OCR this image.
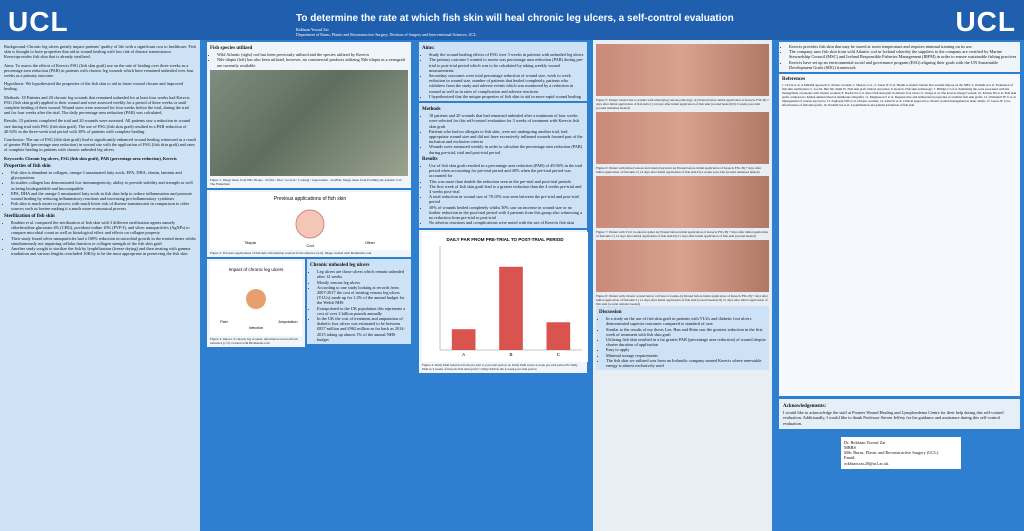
UCL	To determine the rate at which fish skin will heal chronic leg ulcers, a self-control evaluation
Rokhsan Yoosuf Zai
Department of Burns, Plastic and Reconstructive Surgery, Division of Surgery and Interventional Sciences, UCL	UCL

Background: Chronic leg ulcers greatly impact patients' quality of life with a significant cost to healthcare. Fish skin is thought to have properties that aid in wound healing with low risk of disease transmission. Kerecisprovides fish skin that is already sterilized.

Aims: To assess the effects of Kerecis FSG (fish skin graft) use on the rate of healing over three weeks as a percentage area reduction (PAR) in patients with chronic leg wounds which have remained unhealed over four weeks as a primary outcome.

Hypothesis: We hypothesized the properties of the fish skin to aid in faster wound closure and improved healing.

Methods: 18 Patients and 20 chronic leg wounds that remained unhealed for at least four weeks had Kerecis FSG (fish skin graft) applied to their wound and were assessed weekly for a period of three weeks or until complete healing of their wound. Wound sizes were assessed for four weeks before the trial, during the trial and for four weeks after the trial. The daily percentage area reduction (PAR) was calculated.

Results: 15 patients completed the trial and 20 wounds were assessed. All patients saw a reduction in wound size during trial with FSG (fish skin graft). The use of FSG (fish skin graft) resulted in a PAR reduction of 40.92% in the three-week trial period with 30% of patients with complete healing.

Conclusion: The use of FSG (fish skin graft) lead to significantly enhanced wound healing witnessed as a result of greater PAR (percentage area reduction) in wound site with the application of FSG (fish skin graft) and rates of complete healing in patients with chronic unhealed leg ulcers.

Keywords: Chronic leg ulcers, FSG (fish skin graft), PAR (percentage area reduction), Kerecis

Properties of fish skin
• Fish skin is abundant in collagen, omega-3 unsaturated fatty acids, EPA, DHA, elastin, laminin and glycoproteins
• In studies collagen has demonstrated low immunogenicity, ability to provide stability and strength as well as being biodegradable and biocompatible
• EPA, DHA and the omega-3 unsaturated fatty acids in fish skin help to reduce inflammation and promote wound healing by reducing inflammatory reactions and increasing pro-inflammatory cytokines
• Fish skin is much easier to process with much lower risk of disease transmission in comparison to other sources such as bovine making it a much more economical process
Sterilization of fish skin
• Ibrahim et al. compared the sterilization of fish skin with 3 different sterilization agents namely chlorhexidine gluconate 4% (CHG), povidone iodine 10% (PVP-I), and silver nanoparticles (AgNPs) to compare microbial count as well as histological effect and effects on collagen property
• Their study found silver nanoparticles had a 100% reduction in microbial growth in the treated times whilst simultaneously not impairing cellular function or collagen strength of the fish skin graft
• Another study sought to sterilize the fish by lyophilization (freeze drying) and then treating with gamma irradiation and various lengths concluded 10KGy to be the most appropriate in preserving the fish skin
Fish species utilized
• Wild Atlantic (right) cod has been previously utilized and the species utilized by Kerecis
• Nile tilapia (left) has also been utilized, however, no commercial products utilizing Nile tilapia as a xenograft are currently available
Figure 1: Image taken from Nile Tilapia - Profile / Diet / Growth / Cooking / Aquaculture - SeaFish; Image taken from Profiling the Atlantic Cod - The Fisherman
Previous applications of fish skin
Tilapia
Cod
Other
Figure 2: Previous applications of fish skin. Information sourced from reference (4-6). Image created with BioRender.com
Chronic unhealed leg ulcers
• Leg ulcers are those ulcers which remain unhealed after 12 weeks
• Mostly venous leg ulcers
• According to one study looking at records from 2007-2017 the cost of treating venous leg ulcers (VLUs) made up for 1.2% of the annual budget for the Welsh NHS
• Extrapolated to the UK population this represents a cost of over 2 billion pounds annually
• In the UK the cost of treatment and amputation of diabetic foot ulcers was estimated to be between £837 million and £962 million as far back as 2014-2015 taking up almost 1% of the annual NHS budget
Impact of chronic leg ulcers
Pain
Infection
Amputation
Figure 3: Impact of chronic leg wounds, information sourced from reference (1-3). Created with BioRender.com
Aims:
• Study the wound healing effects of FSG over 3 weeks in patients with unhealed leg ulcers
• The primary outcome I wanted to assess was percentage area reduction (PAR) during pre-trial to post-trial period which was to be calculated by taking weekly wound measurements
• Secondary outcomes were total percentage reduction of wound size, week to week reduction in wound size, number of patients that healed completely, patients who withdrew from the study and adverse events which was monitored by a reduction in wound as well as in rates of complication and adverse reactions
• I hypothesized that the unique properties of fish skin to aid in more rapid wound healing
Methods
• 18 patients and 20 wounds that had remained unhealed after a minimum of four weeks were selected for this self-control evaluation for 3 weeks of treatment with Kerecis fish skin graft
• Patients who had no allergies to fish skin, were not undergoing another trial, had appropriate wound size and did not have excessively inflamed wounds formed part of the inclusion and exclusion criteria
• Wounds were measured weekly in order to calculate the percentage area reduction (PAR) during pre-trial, trial and post-trial period
Results
• Use of fish skin graft resulted in a percentage area reduction (PAR) of 49.96% in the trial period when accounting for pre-trial period and 40% when the pre-trial period was accounted for
• This was more than double the reduction seen in the pre-trial and post-trial periods
• The first week of fish skin graft lead to a greater reduction than the 4 weeks pre-trial and 4 weeks post-trial
• A total reduction in wound size of 78.10% was seen between the pre-trial and post-trial period
• 30% of wounds healed completely whilst 30% saw an increase in wound size or no further reduction in the post-trial period with 2 patients from this group also witnessing a no reduction from pre-trial to post-trial
• No adverse reactions and complications were noted with the use of Kerecis fish skin
DAILY PAR FROM PRE-TRIAL TO POST-TRIAL PERIOD
A	B	C
Figure 4: Daily PAR reduction from pre-trial to post-trial period. A: Daily PAR in the 4-week pre-trial period B: Daily PAR in 3 weeks of Kerecis fish skin graft C: Daily PAR in the 4-week post-trial period
Figure 5: Patient treated due to trauma with underlying venous pathology. A) Wound before initial application of Kerecis FSG B) 7 days after initial application of fish skin C) 14 days after initial application of fish skin (wound healed) D) 4 weeks post-trial (wound remained healed)
Figure 6: Patient with mixed venous and arterial leg ulcer A) Wound before initial application of Kerecis FSG B) 7 days after initial application of fish skin C) 14 days after initial application of fish skin D) 4 weeks post-trial (wound remained healed)
Figure 7: Patient with VLU in anterior gaiter A) Wound before initial application of Kerecis FSG B) 7 days after initial application of fish skin C) 14 days after initial application of fish skin D) 21 days after initial application of fish skin (wound healed)
Figure 8: Patient with chronic wound below calf due to trauma A) Wound before initial application of Kerecis FSG B) 7 days after initial application of fish skin C) 14 days after initial application of fish skin (wound healed) D) 21 days after initial application of fish skin (wound remains healed)
Discussion
• In a study on the use of fish skin graft in patients with VLUs and diabetic foot ulcers demonstrated superior outcomes compared to standard of care
• Similar to the results of my thesis Lee, Han and Shim saw the greatest reduction in the first week of treatment with fish skin graft
• Utilizing fish skin resulted in a far greater PAR (percentage area reduction) of wound despite shorter duration of application
• Easy to apply
• Minimal storage requirements
• The fish skin we utilized was from an Icelandic company named Kerecis where renewable energy is almost exclusively used
• Kerecis provides fish skin that may be stored at room temperature and requires minimal training on its use
• The company uses fish skin from wild Atlantic cod in Iceland whereby the suppliers to the company are certified by Marine Stewardship Council (MSC) and Iceland Responsible Fisheries Management (IRFM) in order to ensure sustainable fishing practices
• Kerecis have set up an environmental social and governance program (ESG) aligning their goals with the UN Sustainable Development Goals (SDG) framework
References
1. Urwin et al. A Mindful approach to chronic wounds; 2. Shearer et al.; 3. Guest JF et al. Health economic burden that wounds impose on the NHS; 4. Ibrahim A et al. Evaluation of fish skin sterilization; 5. Lee M, Han SK, Shim JS. Fish skin graft clinical outcomes; 6. Kerecis. Fish skin technology; 7. Phillips CJ et al. Estimating the costs associated with the management of patients with chronic wounds; 8. Dardari D et al. Intact fish skin graft in diabetic foot ulcers; 9. Ortega et al. The kerecis omega3 wound; 10. Kirsner RS et al. Fish skin grafts compared to human amnion/chorion membrane allografts; 11. Magnusson S et al. Regenerative and antibacterial properties of acellular fish skin grafts; 12. O'Donnell TF Jr et al. Management of venous leg ulcers; 13. Eaglstein WH et al. Chronic wounds; 14. Alam W et al. Clinical approach to chronic wound management in older adults; 15. Guest JF. Cost-effectiveness of fish skin grafts; 16. Ibrahim SA et al. Lyophilization and gamma irradiation of fish skin
Acknowledgements:
I would like to acknowledge the staff at Pioneer Wound Healing and Lymphoedema Centre for their help during this self-control evaluation. Additionally, I would like to thank Professor Steven Jeffery for his guidance and assistance during this self-control evaluation.
Dr. Rokhsan Yoosuf Zai
MBBS
MSc Burns, Plastic and Reconstructive Surgery (UCL)
Email:
rokhsan.zai.20@ucl.ac.uk
